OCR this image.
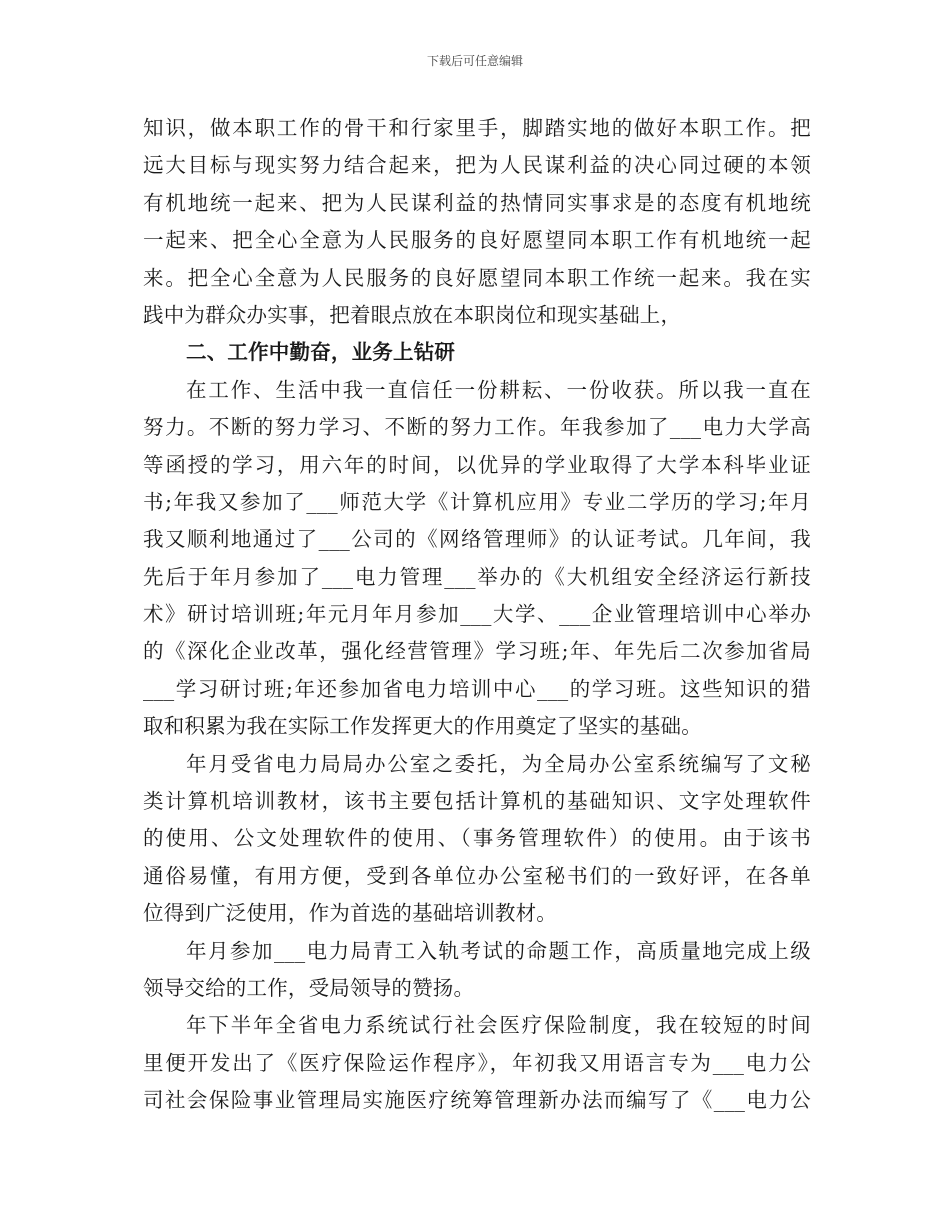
下载后可任意编辑
知识，做本职工作的骨干和行家里手，脚踏实地的做好本职工作。把
远大目标与现实努力结合起来，把为人民谋利益的决心同过硬的本领
有机地统一起来、把为人民谋利益的热情同实事求是的态度有机地统
一起来、把全心全意为人民服务的良好愿望同本职工作有机地统一起
来。把全心全意为人民服务的良好愿望同本职工作统一起来。我在实
践中为群众办实事，把着眼点放在本职岗位和现实基础上，
二、工作中勤奋，业务上钻研
在工作、生活中我一直信任一份耕耘、一份收获。所以我一直在
努力。不断的努力学习、不断的努力工作。年我参加了___电力大学高
等函授的学习，用六年的时间，以优异的学业取得了大学本科毕业证
书;年我又参加了___师范大学《计算机应用》专业二学历的学习;年月
我又顺利地通过了___公司的《网络管理师》的认证考试。几年间，我
先后于年月参加了___电力管理___举办的《大机组安全经济运行新技
术》研讨培训班;年元月年月参加___大学、___企业管理培训中心举办
的《深化企业改革，强化经营管理》学习班;年、年先后二次参加省局
___学习研讨班;年还参加省电力培训中心___的学习班。这些知识的猎
取和积累为我在实际工作发挥更大的作用奠定了坚实的基础。
年月受省电力局局办公室之委托，为全局办公室系统编写了文秘
类计算机培训教材，该书主要包括计算机的基础知识、文字处理软件
的使用、公文处理软件的使用、（事务管理软件）的使用。由于该书
通俗易懂，有用方便，受到各单位办公室秘书们的一致好评，在各单
位得到广泛使用，作为首选的基础培训教材。
年月参加___电力局青工入轨考试的命题工作，高质量地完成上级
领导交给的工作，受局领导的赞扬。
年下半年全省电力系统试行社会医疗保险制度，我在较短的时间
里便开发出了《医疗保险运作程序》，年初我又用语言专为___电力公
司社会保险事业管理局实施医疗统筹管理新办法而编写了《___电力公
